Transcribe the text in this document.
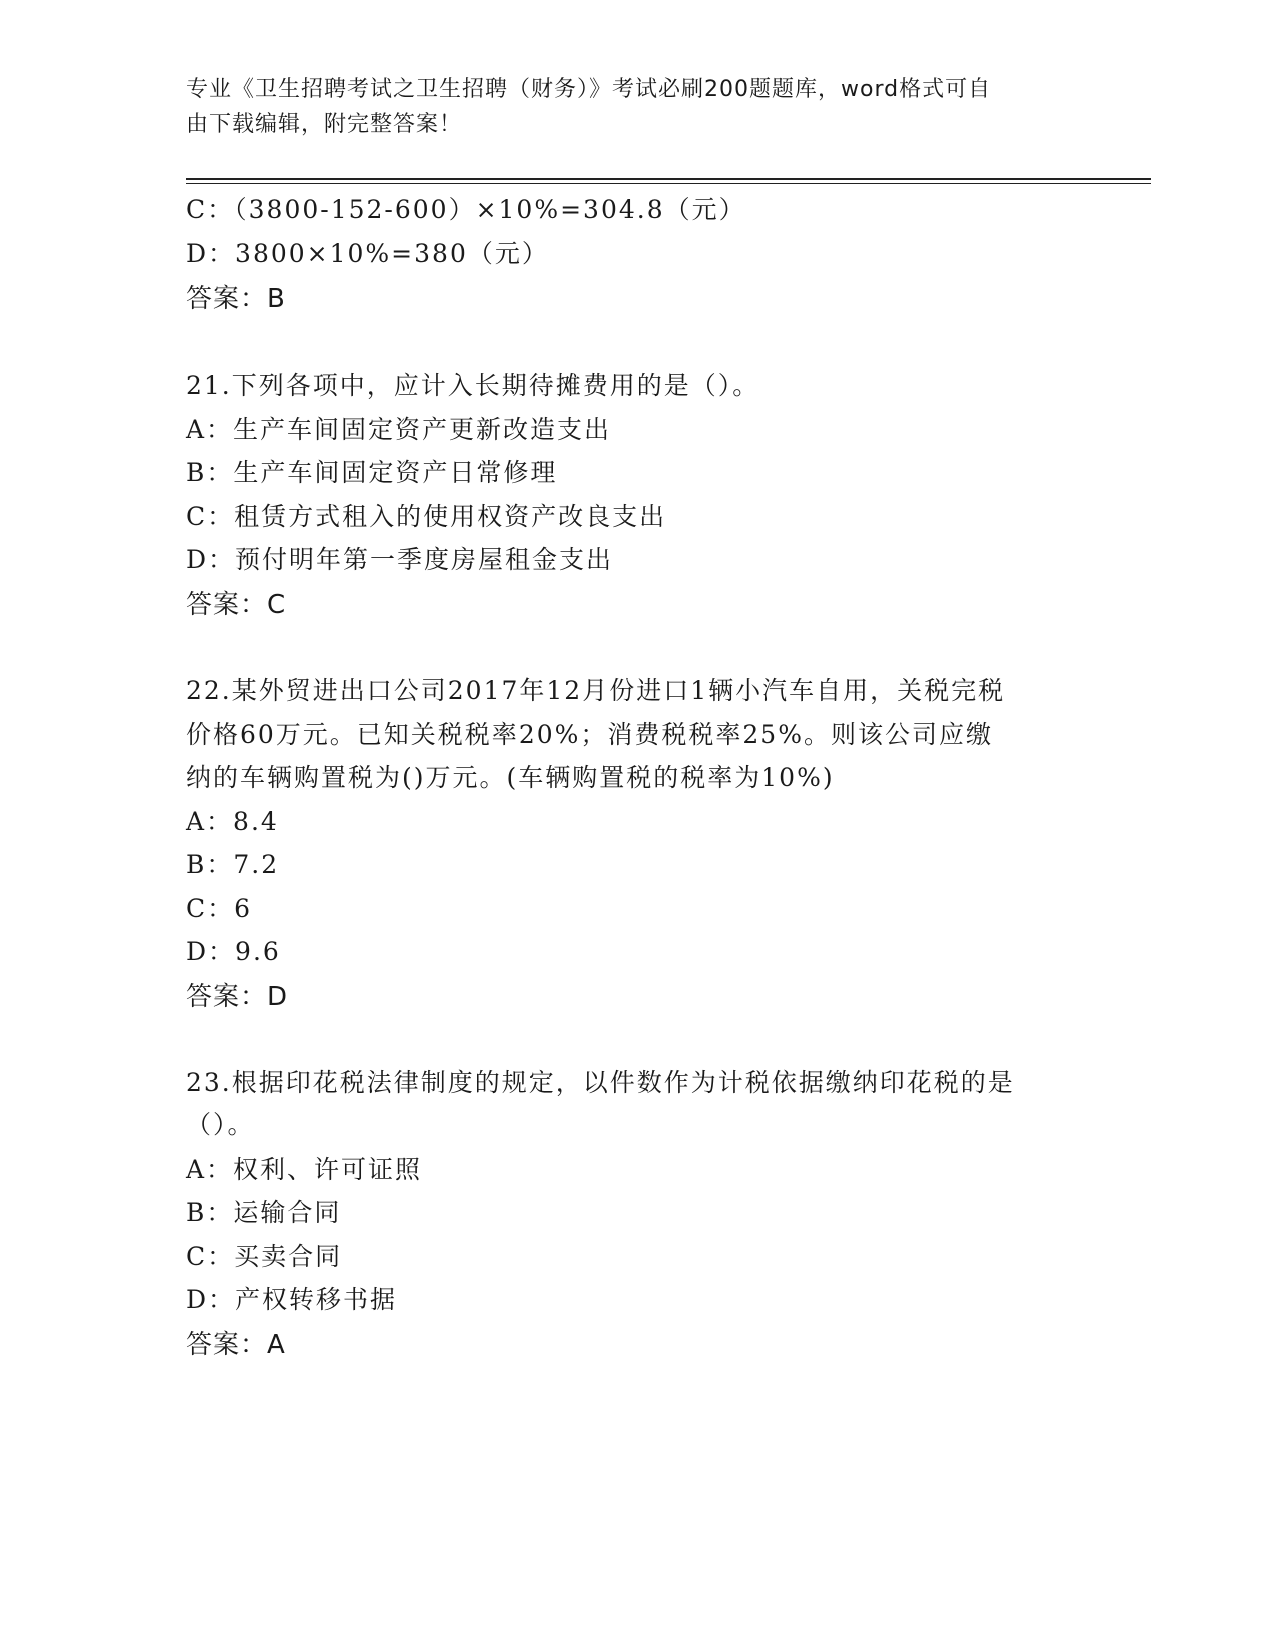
专业《卫生招聘考试之卫生招聘（财务）》考试必刷200题题库，word格式可自
由下载编辑，附完整答案！
C：（3800-152-600）×10%=304.8（元）
D：3800×10%=380（元）
答案：B
21.下列各项中，应计入长期待摊费用的是（）。
A：生产车间固定资产更新改造支出
B：生产车间固定资产日常修理
C：租赁方式租入的使用权资产改良支出
D：预付明年第一季度房屋租金支出
答案：C
22.某外贸进出口公司2017年12月份进口1辆小汽车自用，关税完税
价格60万元。已知关税税率20%；消费税税率25%。则该公司应缴
纳的车辆购置税为()万元。(车辆购置税的税率为10%)
A：8.4
B：7.2
C：6
D：9.6
答案：D
23.根据印花税法律制度的规定，以件数作为计税依据缴纳印花税的是
（）。
A：权利、许可证照
B：运输合同
C：买卖合同
D：产权转移书据
答案：A
